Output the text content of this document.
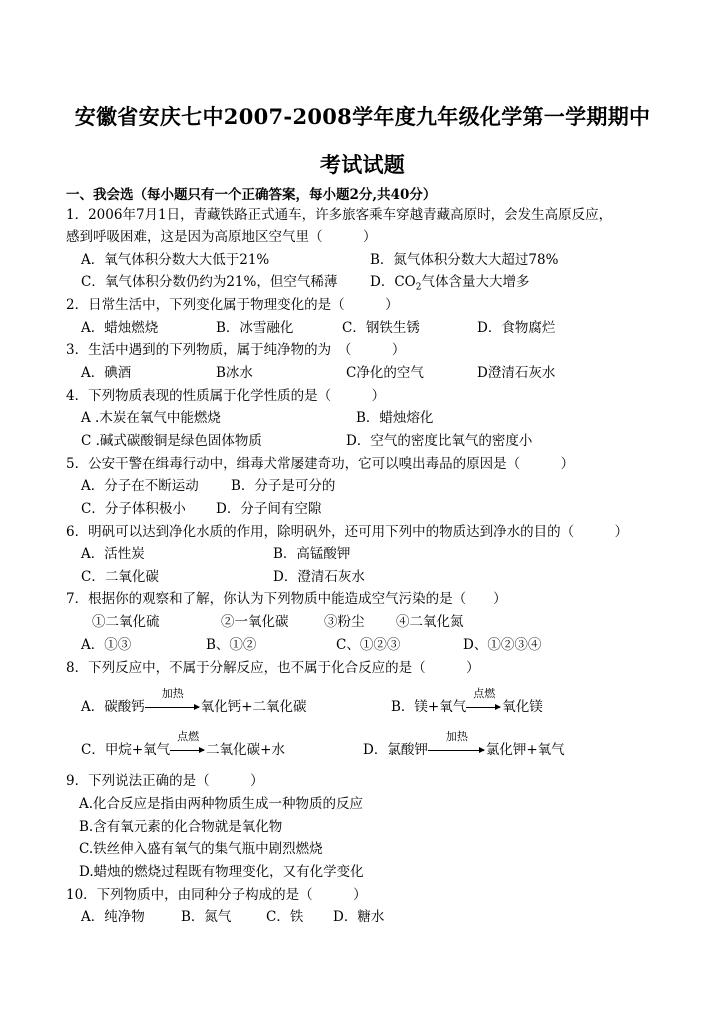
安徽省安庆七中2007-2008学年度九年级化学第一学期期中
考试试题
一、我会选（每小题只有一个正确答案，每小题2分,共40分）
1．2006年7月1日，青藏铁路正式通车，许多旅客乘车穿越青藏高原时，会发生高原反应，
感到呼吸困难，这是因为高原地区空气里（　　　）
A．氧气体积分数大大低于21%	B．氮气体积分数大大超过78%
C．氧气体积分数仍约为21%，但空气稀薄 D．$CO_2$气体含量大大增多
2．日常生活中，下列变化属于物理变化的是（　　　）
A．蜡烛燃烧	B．冰雪融化	C．钢铁生锈	D．食物腐烂
3．生活中遇到的下列物质，属于纯净物的为　（　　　）
A．碘酒	B冰水	C净化的空气	D澄清石灰水
4．下列物质表现的性质属于化学性质的是（　　　）
A .木炭在氧气中能燃烧	B．蜡烛熔化
C .碱式碳酸铜是绿色固体物质	D．空气的密度比氧气的密度小
5．公安干警在缉毒行动中，缉毒犬常屡建奇功，它可以嗅出毒品的原因是（　　　）
A．分子在不断运动 B．分子是可分的
C．分子体积极小 D．分子间有空隙
6．明矾可以达到净化水质的作用，除明矾外，还可用下列中的物质达到净水的目的（　　　）
A．活性炭	B．高锰酸钾
C．二氧化碳	D．澄清石灰水
7．根据你的观察和了解，你认为下列物质中能造成空气污染的是（　　）
①二氧化硫	②一氧化碳	③粉尘 ④二氧化氮
A．①③	B、①②	C、①②③	D、①②③④
8．下列反应中，不属于分解反应，也不属于化合反应的是（　　　）
A．碳酸钙
加热
氧化钙+二氧化碳	B．镁+氧气
点燃
氧化镁
C．甲烷+氧气
点燃
二氧化碳+水	D．氯酸钾
加热
氯化钾+氧气
9．下列说法正确的是（　　　）
A.化合反应是指由两种物质生成一种物质的反应
B.含有氧元素的化合物就是氧化物
C.铁丝伸入盛有氧气的集气瓶中剧烈燃烧
D.蜡烛的燃烧过程既有物理变化，又有化学变化
10．下列物质中，由同种分子构成的是（　　　）
A．纯净物	B．氮气	C．铁 D．糖水
